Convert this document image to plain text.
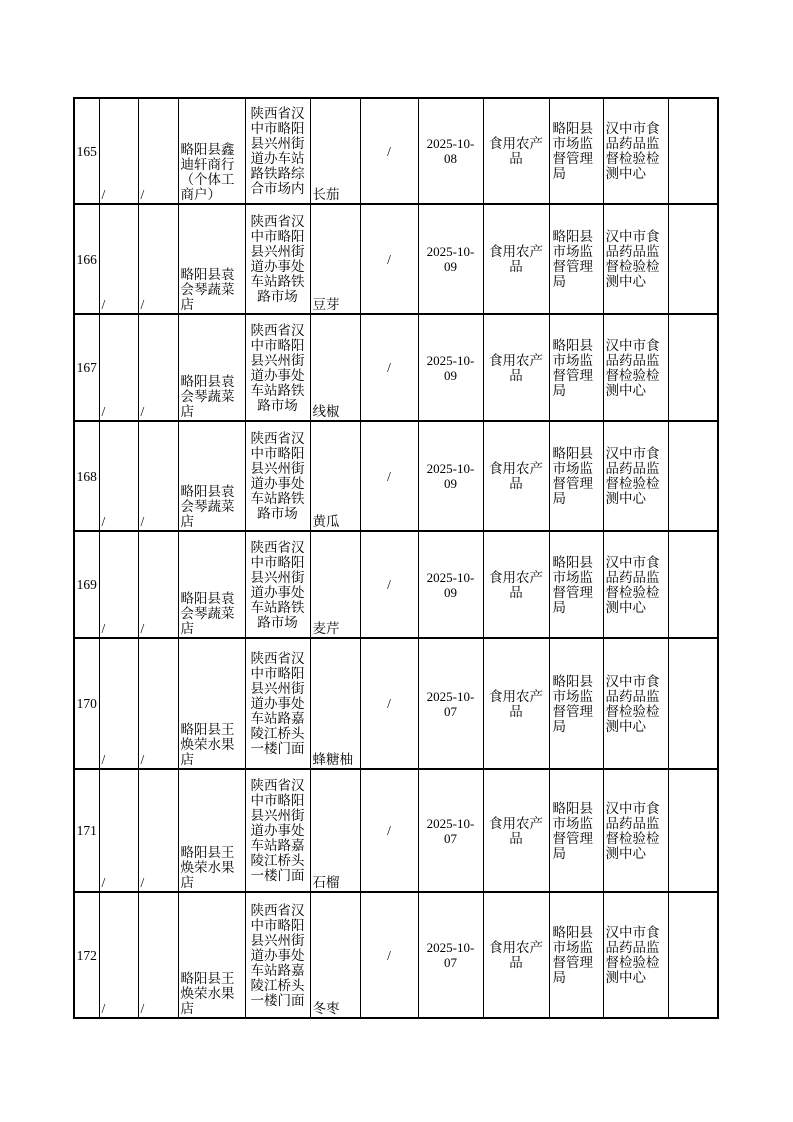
165	/	/	略阳县鑫迪轩商行（个体工商户）	陕西省汉中市略阳县兴州街道办车站路铁路综合市场内	长茄	/	2025-10-08	食用农产品	略阳县市场监督管理局	汉中市食品药品监督检验检测中心	
166	/	/	略阳县袁会琴蔬菜店	陕西省汉中市略阳县兴州街道办事处车站路铁路市场	豆芽	/	2025-10-09	食用农产品	略阳县市场监督管理局	汉中市食品药品监督检验检测中心	
167	/	/	略阳县袁会琴蔬菜店	陕西省汉中市略阳县兴州街道办事处车站路铁路市场	线椒	/	2025-10-09	食用农产品	略阳县市场监督管理局	汉中市食品药品监督检验检测中心	
168	/	/	略阳县袁会琴蔬菜店	陕西省汉中市略阳县兴州街道办事处车站路铁路市场	黄瓜	/	2025-10-09	食用农产品	略阳县市场监督管理局	汉中市食品药品监督检验检测中心	
169	/	/	略阳县袁会琴蔬菜店	陕西省汉中市略阳县兴州街道办事处车站路铁路市场	麦芹	/	2025-10-09	食用农产品	略阳县市场监督管理局	汉中市食品药品监督检验检测中心	
170	/	/	略阳县王焕荣水果店	陕西省汉中市略阳县兴州街道办事处车站路嘉陵江桥头一楼门面	蜂糖柚	/	2025-10-07	食用农产品	略阳县市场监督管理局	汉中市食品药品监督检验检测中心	
171	/	/	略阳县王焕荣水果店	陕西省汉中市略阳县兴州街道办事处车站路嘉陵江桥头一楼门面	石榴	/	2025-10-07	食用农产品	略阳县市场监督管理局	汉中市食品药品监督检验检测中心	
172	/	/	略阳县王焕荣水果店	陕西省汉中市略阳县兴州街道办事处车站路嘉陵江桥头一楼门面	冬枣	/	2025-10-07	食用农产品	略阳县市场监督管理局	汉中市食品药品监督检验检测中心	
